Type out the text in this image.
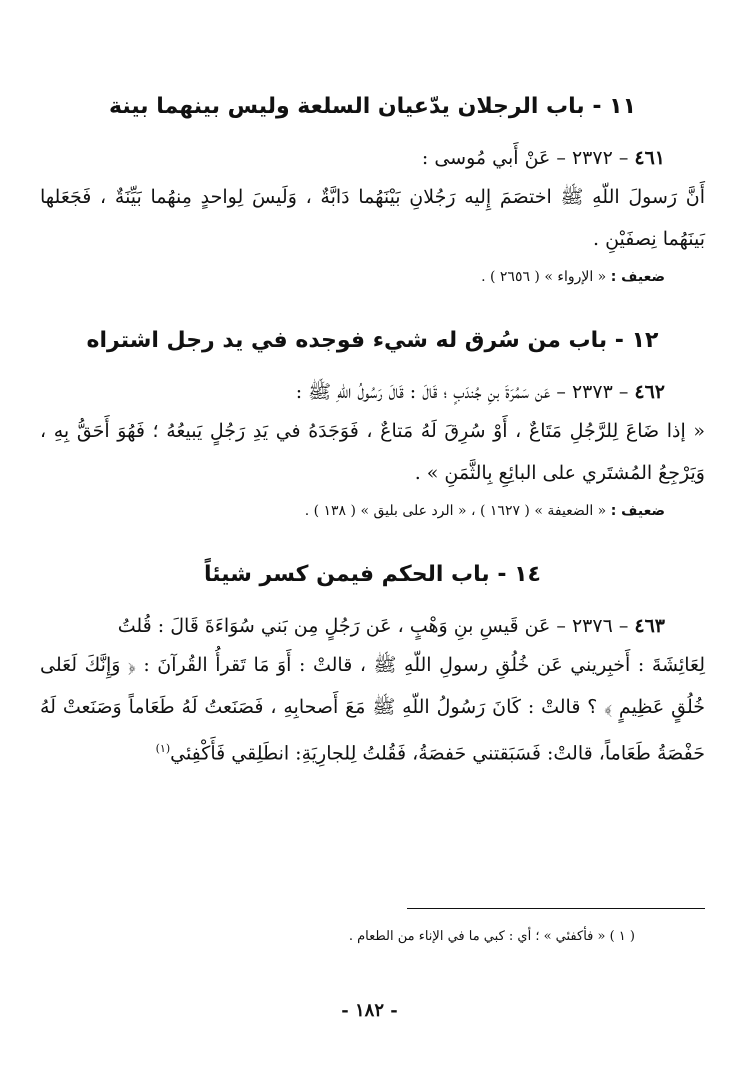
١١ - باب الرجلان يدّعيان السلعة وليس بينهما بينة
٤٦١ – ٢٣٧٢ – عَنْ أَبي مُوسى :
أَنَّ رَسولَ اللّهِ ﷺ اختصَمَ إِليه رَجُلانِ بَيْنَهُما دَابَّةٌ ، وَلَيسَ لِواحدٍ مِنهُما بَيِّنَةٌ ، فَجَعَلها بَينَهُما نِصفَيْنِ .
ضعيف : « الإرواء » ( ٢٦٥٦ ) .
١٢ - باب من سُرق له شيء فوجده في يد رجل اشتراه
٤٦٢ – ٢٣٧٣ – عَن سَمُرَةَ بنِ جُندَبٍ ؛ قَالَ : قَالَ رَسُولُ اللّهِ ﷺ :
« إذا ضَاعَ لِلرَّجُلِ مَتَاعٌ ، أَوْ سُرِقَ لَهُ مَتاعٌ ، فَوَجَدَهُ في يَدِ رَجُلٍ يَبيعُهُ ؛ فَهُوَ أَحَقُّ بِهِ ، وَيَرْجِعُ المُشتَري على البائِعِ بِالثَّمَنِ » .
ضعيف : « الضعيفة » ( ١٦٢٧ ) ، « الرد على بليق » ( ١٣٨ ) .
١٤ - باب الحكم فيمن كسر شيئاً
٤٦٣ – ٢٣٧٦ – عَن قَيسِ بنِ وَهْبٍ ، عَن رَجُلٍ مِن بَني سُوَاءَةَ قَالَ : قُلتُ
لِعَائِشَةَ : أَخبِريني عَن خُلُقِ رسولِ اللّهِ ﷺ ، قالتْ : أَوَ مَا تَقرأُ القُرآنَ : ﴿ وَإِنَّكَ لَعَلى خُلُقٍ عَظِيمٍ ﴾ ؟ قالتْ : كَانَ رَسُولُ اللّهِ ﷺ مَعَ أَصحابِهِ ، فَصَنَعتُ لَهُ طَعَاماً وَصَنَعتْ لَهُ حَفْصَةُ طَعَاماً، قالتْ: فَسَبَقتني حَفصَةُ، فَقُلتُ لِلجارِيَةِ: انطَلِقي فَأَكْفِئي$^{(١)}$
( ١ ) « فأكفئي » ؛ أي : كبي ما في الإناء من الطعام .
- ١٨٢ -
